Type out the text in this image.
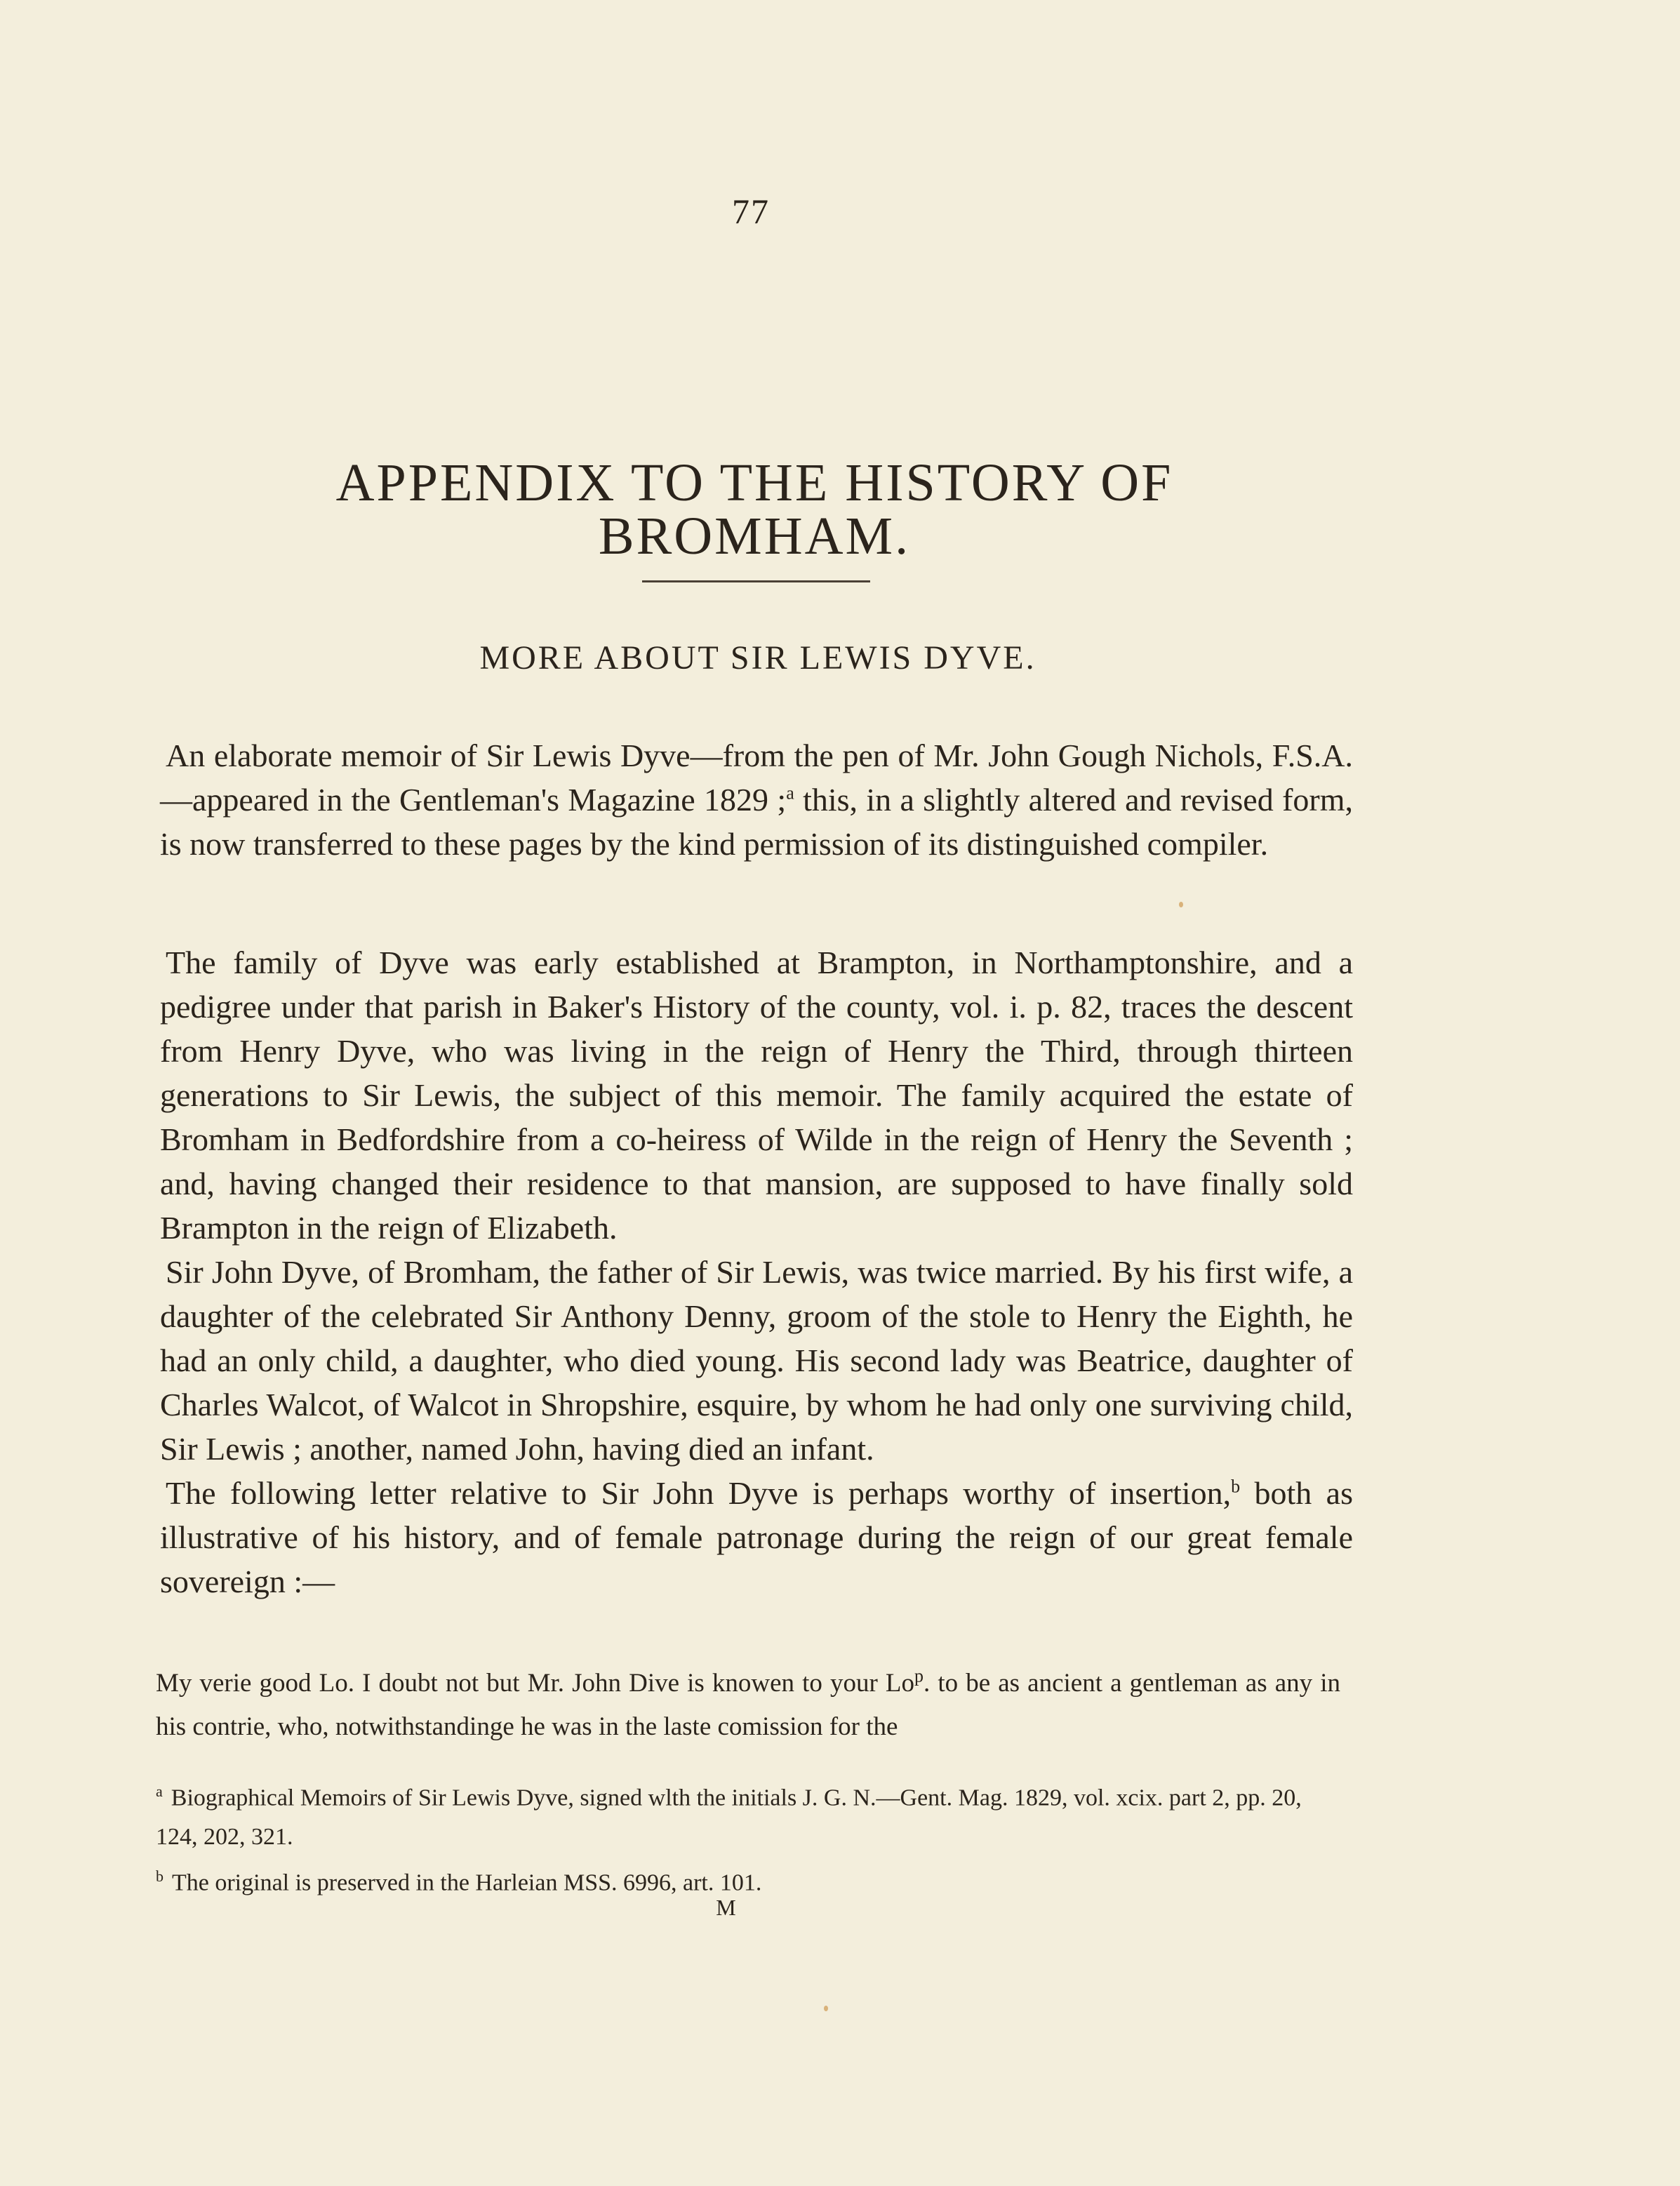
77
APPENDIX TO THE HISTORY OF BROMHAM.
MORE ABOUT SIR LEWIS DYVE.

An elaborate memoir of Sir Lewis Dyve—from the pen of Mr. John Gough Nichols, F.S.A.—appeared in the Gentleman's Magazine 1829 ;$^a$ this, in a slightly altered and revised form, is now transferred to these pages by the kind permission of its distinguished compiler.

The family of Dyve was early established at Brampton, in Northamptonshire, and a pedigree under that parish in Baker's History of the county, vol. i. p. 82, traces the descent from Henry Dyve, who was living in the reign of Henry the Third, through thirteen generations to Sir Lewis, the subject of this memoir. The family acquired the estate of Bromham in Bedfordshire from a co-heiress of Wilde in the reign of Henry the Seventh ; and, having changed their residence to that mansion, are supposed to have finally sold Brampton in the reign of Elizabeth.

Sir John Dyve, of Bromham, the father of Sir Lewis, was twice married. By his first wife, a daughter of the celebrated Sir Anthony Denny, groom of the stole to Henry the Eighth, he had an only child, a daughter, who died young. His second lady was Beatrice, daughter of Charles Walcot, of Walcot in Shropshire, esquire, by whom he had only one surviving child, Sir Lewis ; another, named John, having died an infant.

The following letter relative to Sir John Dyve is perhaps worthy of insertion,$^b$ both as illustrative of his history, and of female patronage during the reign of our great female sovereign :—

My verie good Lo. I doubt not but Mr. John Dive is knowen to your Lo$^p$. to be as ancient a gentleman as any in his contrie, who, notwithstandinge he was in the laste comission for the

$^a$ Biographical Memoirs of Sir Lewis Dyve, signed wlth the initials J. G. N.—Gent. Mag. 1829, vol. xcix. part 2, pp. 20, 124, 202, 321.

$^b$ The original is preserved in the Harleian MSS. 6996, art. 101.

M
